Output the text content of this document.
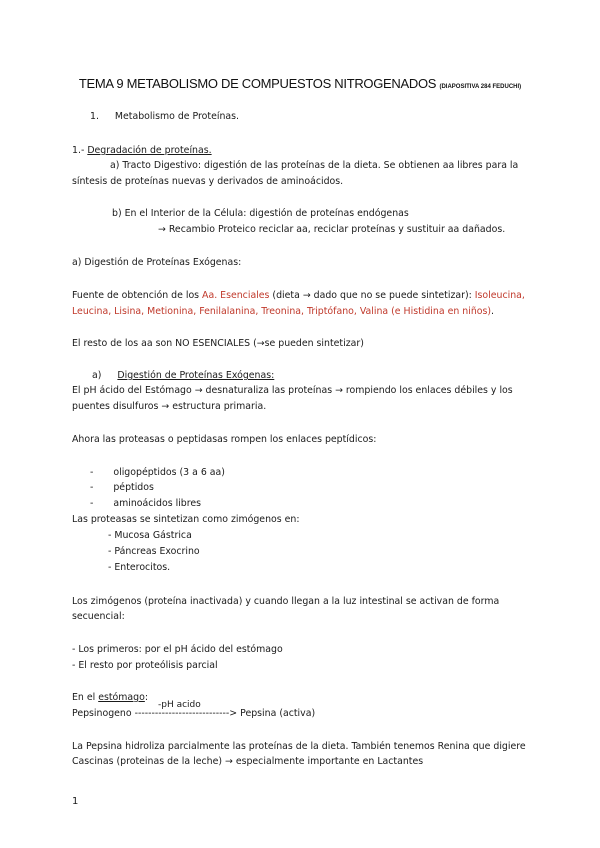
TEMA 9 METABOLISMO DE COMPUESTOS NITROGENADOS (DIAPOSITIVA 284 FEDUCHI)
1. Metabolismo de Proteínas.
1.- Degradación de proteínas.
a) Tracto Digestivo: digestión de las proteínas de la dieta. Se obtienen aa libres para la
síntesis de proteínas nuevas y derivados de aminoácidos.
b) En el Interior de la Célula: digestión de proteínas endógenas
→ Recambio Proteico reciclar aa, reciclar proteínas y sustituir aa dañados.
a) Digestión de Proteínas Exógenas:
Fuente de obtención de los Aa. Esenciales (dieta → dado que no se puede sintetizar): Isoleucina,
Leucina, Lisina, Metionina, Fenilalanina, Treonina, Triptófano, Valina (e Histidina en niños).
El resto de los aa son NO ESENCIALES (→se pueden sintetizar)
a) Digestión de Proteínas Exógenas:
El pH ácido del Estómago → desnaturaliza las proteínas → rompiendo los enlaces débiles y los
puentes disulfuros → estructura primaria.
Ahora las proteasas o peptidasas rompen los enlaces peptídicos:
- oligopéptidos (3 a 6 aa)
- péptidos
- aminoácidos libres
Las proteasas se sintetizan como zimógenos en:
- Mucosa Gástrica
- Páncreas Exocrino
- Enterocitos.
Los zimógenos (proteína inactivada) y cuando llegan a la luz intestinal se activan de forma
secuencial:
- Los primeros: por el pH ácido del estómago
- El resto por proteólisis parcial
En el estómago:
-pH acido
Pepsinogeno ----------------------------> Pepsina (activa)
La Pepsina hidroliza parcialmente las proteínas de la dieta. También tenemos Renina que digiere
Cascinas (proteinas de la leche) → especialmente importante en Lactantes
1
